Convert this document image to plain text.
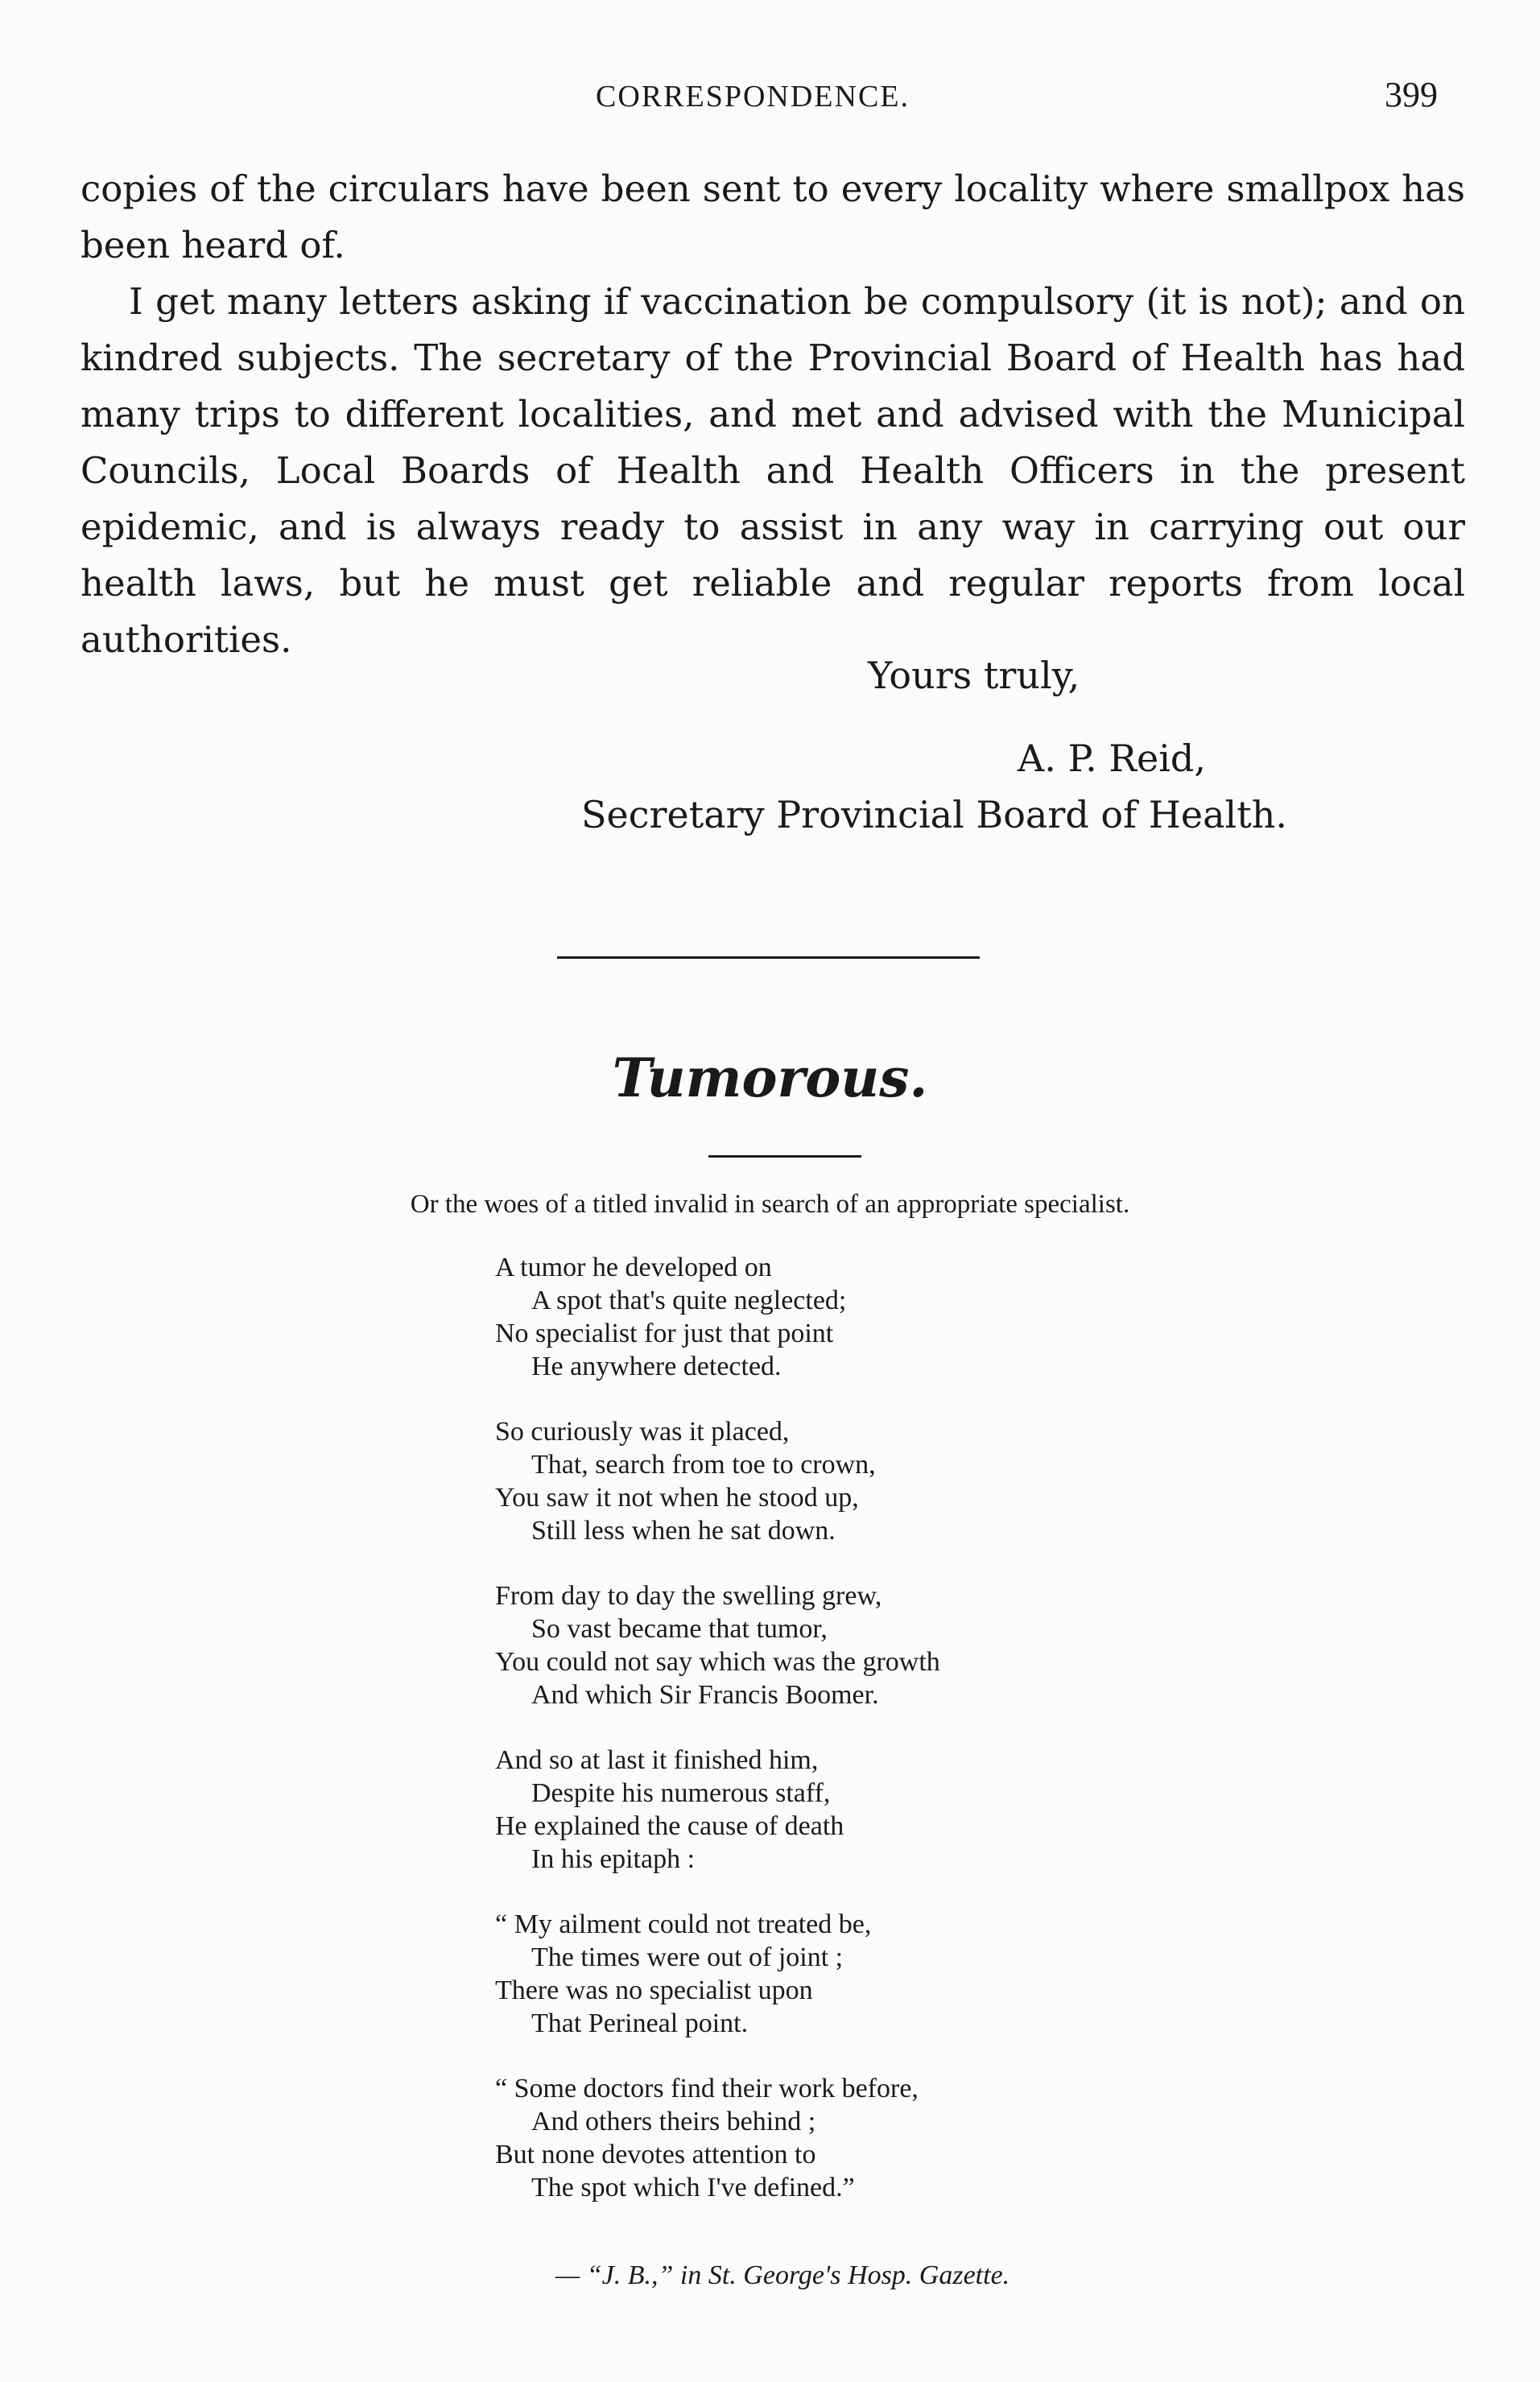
CORRESPONDENCE.	399

copies of the circulars have been sent to every locality where smallpox has been heard of.

I get many letters asking if vaccination be compulsory (it is not); and on kindred subjects. The secretary of the Provincial Board of Health has had many trips to different localities, and met and advised with the Municipal Councils, Local Boards of Health and Health Officers in the present epidemic, and is always ready to assist in any way in carrying out our health laws, but he must get reliable and regular reports from local authorities.

Yours truly,
A. P. Reid,
Secretary Provincial Board of Health.
Tumorous.
Or the woes of a titled invalid in search of an appropriate specialist.
A tumor he developed on
A spot that's quite neglected;
No specialist for just that point
He anywhere detected.
So curiously was it placed,
That, search from toe to crown,
You saw it not when he stood up,
Still less when he sat down.
From day to day the swelling grew,
So vast became that tumor,
You could not say which was the growth
And which Sir Francis Boomer.
And so at last it finished him,
Despite his numerous staff,
He explained the cause of death
In his epitaph :
“ My ailment could not treated be,
The times were out of joint ;
There was no specialist upon
That Perineal point.
“ Some doctors find their work before,
And others theirs behind ;
But none devotes attention to
The spot which I've defined.”
— “J. B.,” in St. George's Hosp. Gazette.
